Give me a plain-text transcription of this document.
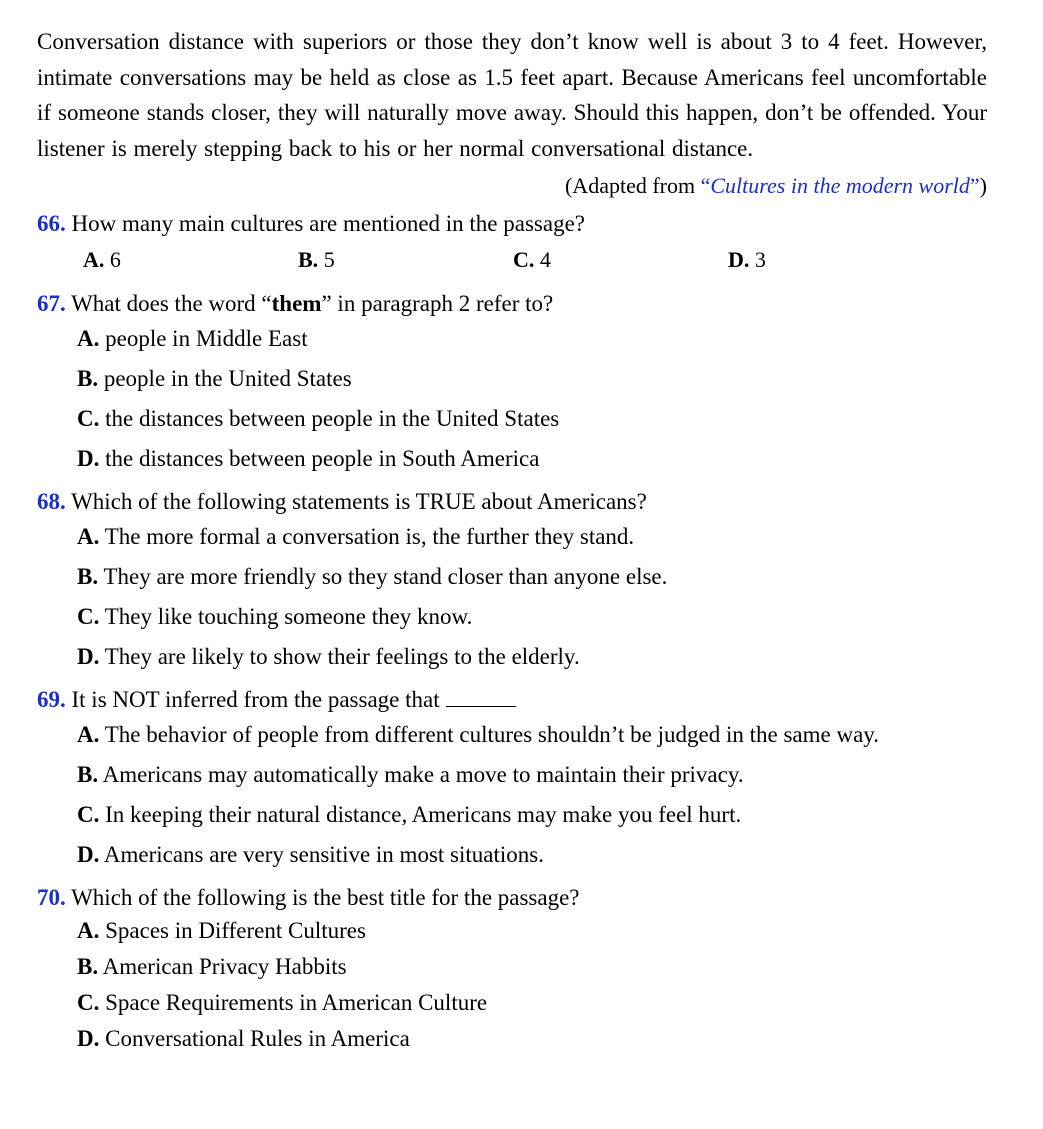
Conversation distance with superiors or those they don’t know well is about 3 to 4 feet. However, intimate conversations may be held as close as 1.5 feet apart. Because Americans feel uncomfortable if someone stands closer, they will naturally move away. Should this happen, don’t be offended. Your listener is merely stepping back to his or her normal conversational distance.

(Adapted from “Cultures in the modern world”)
66. How many main cultures are mentioned in the passage?
A. 6	B. 5	C. 4	D. 3
67. What does the word “them” in paragraph 2 refer to?
A. people in Middle East
B. people in the United States
C. the distances between people in the United States
D. the distances between people in South America
68. Which of the following statements is TRUE about Americans?
A. The more formal a conversation is, the further they stand.
B. They are more friendly so they stand closer than anyone else.
C. They like touching someone they know.
D. They are likely to show their feelings to the elderly.
69. It is NOT inferred from the passage that
A. The behavior of people from different cultures shouldn’t be judged in the same way.
B. Americans may automatically make a move to maintain their privacy.
C. In keeping their natural distance, Americans may make you feel hurt.
D. Americans are very sensitive in most situations.
70. Which of the following is the best title for the passage?
A. Spaces in Different Cultures
B. American Privacy Habbits
C. Space Requirements in American Culture
D. Conversational Rules in America
